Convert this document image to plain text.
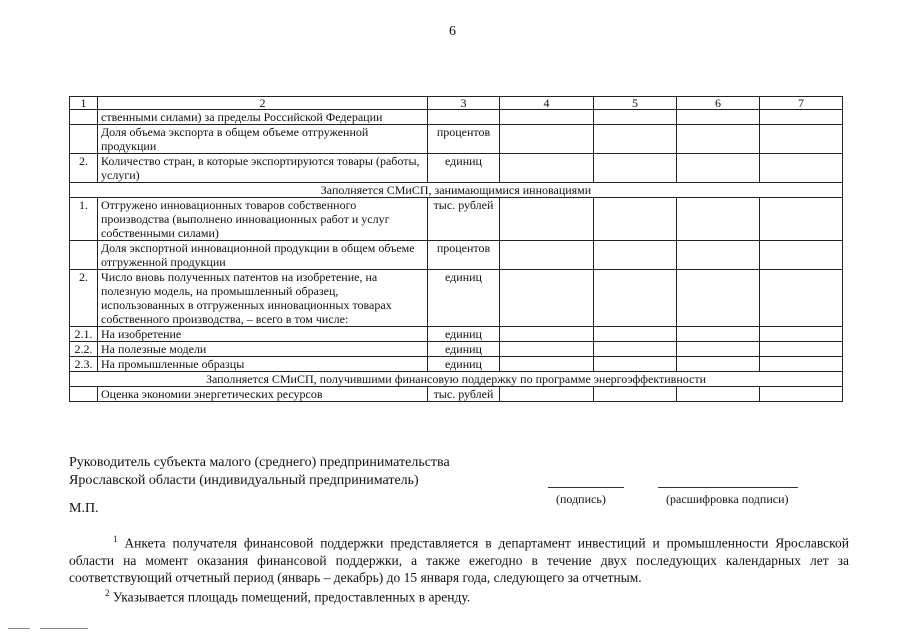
6
1	2	3	4	5	6	7
	ственными силами) за пределы Российской Федерации					
	Доля объема экспорта в общем объеме отгруженной продукции	процентов				
2.	Количество стран, в которые экспортируются товары (работы, услуги)	единиц				
Заполняется СМиСП, занимающимися инновациями						
1.	Отгружено инновационных товаров собственного производства (выполнено инновационных работ и услуг собственными силами)	тыс. рублей				
	Доля экспортной инновационной продукции в общем объеме отгруженной продукции	процентов				
2.	Число вновь полученных патентов на изобретение, на полезную модель, на промышленный образец, использованных в отгруженных инновационных товарах собственного производства, – всего в том числе:	единиц				
2.1.	На изобретение	единиц				
2.2.	На полезные модели	единиц				
2.3.	На промышленные образцы	единиц				
Заполняется СМиСП, получившими финансовую поддержку по программе энергоэффективности						
	Оценка экономии энергетических ресурсов	тыс. рублей				
Руководитель субъекта малого (среднего) предпринимательства
Ярославской области (индивидуальный предприниматель)
(подпись)	(расшифровка подписи)
М.П.
$^1$ Анкета получателя финансовой поддержки представляется в департамент инвестиций и промышленности Ярославской области на момент оказания финансовой поддержки, а также ежегодно в течение двух последующих календарных лет за соответствующий отчетный период (январь – декабрь) до 15 января года, следующего за отчетным.
$^2$ Указывается площадь помещений, предоставленных в аренду.
